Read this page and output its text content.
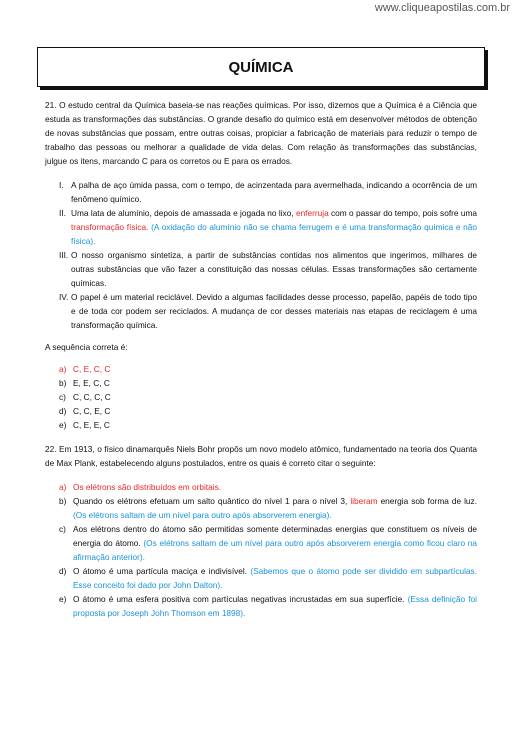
www.cliqueapostilas.com.br
QUÍMICA

21. O estudo central da Química baseia-se nas reações químicas. Por isso, dizemos que a Química é a Ciência que estuda as transformações das substâncias. O grande desafio do químico está em desenvolver métodos de obtenção de novas substâncias que possam, entre outras coisas, propiciar a fabricação de materiais para reduzir o tempo de trabalho das pessoas ou melhorar a qualidade de vida delas. Com relação às transformações das substâncias, julgue os itens, marcando C para os corretos ou E para os errados.

I. A palha de aço úmida passa, com o tempo, de acinzentada para avermelhada, indicando a ocorrência de um fenômeno químico.
II. Uma lata de alumínio, depois de amassada e jogada no lixo, enferruja com o passar do tempo, pois sofre uma transformação física. (A oxidação do alumínio não se chama ferrugem e é uma transformação química e não física).
III. O nosso organismo sintetiza, a partir de substâncias contidas nos alimentos que ingerimos, milhares de outras substâncias que vão fazer a constituição das nossas células. Essas transformações são certamente químicas.
IV. O papel é um material reciclável. Devido a algumas facilidades desse processo, papelão, papéis de todo tipo e de toda cor podem ser reciclados. A mudança de cor desses materiais nas etapas de reciclagem é uma transformação química.

A sequência correta é:

a) C, E, C, C
b) E, E, C, C
c) C, C, C, C
d) C, C, E, C
e) C, E, E, C

22. Em 1913, o físico dinamarquês Niels Bohr propôs um novo modelo atômico, fundamentado na teoria dos Quanta de Max Plank, estabelecendo alguns postulados, entre os quais é correto citar o seguinte:

a) Os elétrons são distribuídos em orbitais.
b) Quando os elétrons efetuam um salto quântico do nível 1 para o nível 3, liberam energia sob forma de luz. (Os elétrons saltam de um nível para outro após absorverem energia).
c) Aos elétrons dentro do átomo são permitidas somente determinadas energias que constituem os níveis de energia do átomo. (Os elétrons saltam de um nível para outro após absorverem energia como ficou claro na afirmação anterior).
d) O átomo é uma partícula maciça e indivisível. (Sabemos que o átomo pode ser dividido em subpartículas. Esse conceito foi dado por John Dalton).
e) O átomo é uma esfera positiva com partículas negativas incrustadas em sua superfície. (Essa definição foi proposta por Joseph John Thomson em 1898).
